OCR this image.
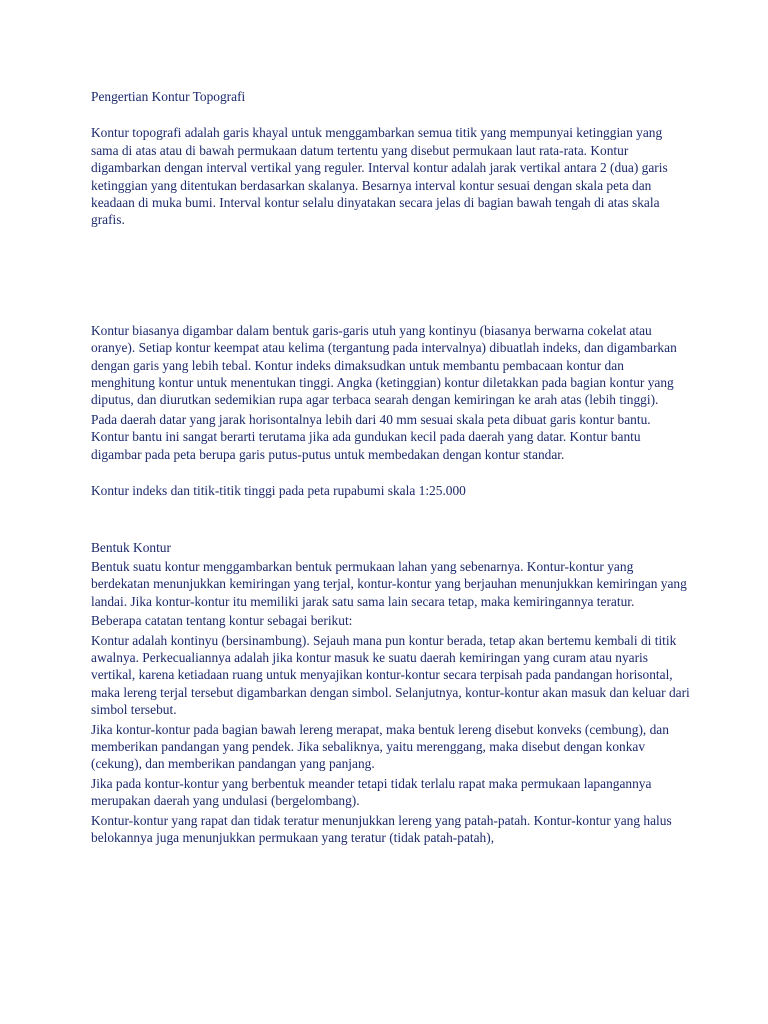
Pengertian Kontur Topografi

Kontur topografi adalah garis khayal untuk menggambarkan semua titik yang mempunyai ketinggian yang sama di atas atau di bawah permukaan datum tertentu yang disebut permukaan laut rata-rata. Kontur digambarkan dengan interval vertikal yang reguler. Interval kontur adalah jarak vertikal antara 2 (dua) garis ketinggian yang ditentukan berdasarkan skalanya. Besarnya interval kontur sesuai dengan skala peta dan keadaan di muka bumi. Interval kontur selalu dinyatakan secara jelas di bagian bawah tengah di atas skala grafis.

Kontur biasanya digambar dalam bentuk garis-garis utuh yang kontinyu (biasanya berwarna cokelat atau oranye). Setiap kontur keempat atau kelima (tergantung pada intervalnya) dibuatlah indeks, dan digambarkan dengan garis yang lebih tebal. Kontur indeks dimaksudkan untuk membantu pembacaan kontur dan menghitung kontur untuk menentukan tinggi. Angka (ketinggian) kontur diletakkan pada bagian kontur yang diputus, dan diurutkan sedemikian rupa agar terbaca searah dengan kemiringan ke arah atas (lebih tinggi).

Pada daerah datar yang jarak horisontalnya lebih dari 40 mm sesuai skala peta dibuat garis kontur bantu. Kontur bantu ini sangat berarti terutama jika ada gundukan kecil pada daerah yang datar. Kontur bantu digambar pada peta berupa garis putus-putus untuk membedakan dengan kontur standar.

Kontur indeks dan titik-titik tinggi pada peta rupabumi skala 1:25.000

Bentuk Kontur

Bentuk suatu kontur menggambarkan bentuk permukaan lahan yang sebenarnya. Kontur-kontur yang berdekatan menunjukkan kemiringan yang terjal, kontur-kontur yang berjauhan menunjukkan kemiringan yang landai. Jika kontur-kontur itu memiliki jarak satu sama lain secara tetap, maka kemiringannya teratur.

Beberapa catatan tentang kontur sebagai berikut:

Kontur adalah kontinyu (bersinambung). Sejauh mana pun kontur berada, tetap akan bertemu kembali di titik awalnya. Perkecualiannya adalah jika kontur masuk ke suatu daerah kemiringan yang curam atau nyaris vertikal, karena ketiadaan ruang untuk menyajikan kontur-kontur secara terpisah pada pandangan horisontal, maka lereng terjal tersebut digambarkan dengan simbol. Selanjutnya, kontur-kontur akan masuk dan keluar dari simbol tersebut.

Jika kontur-kontur pada bagian bawah lereng merapat, maka bentuk lereng disebut konveks (cembung), dan memberikan pandangan yang pendek. Jika sebaliknya, yaitu merenggang, maka disebut dengan konkav (cekung), dan memberikan pandangan yang panjang.

Jika pada kontur-kontur yang berbentuk meander tetapi tidak terlalu rapat maka permukaan lapangannya merupakan daerah yang undulasi (bergelombang).

Kontur-kontur yang rapat dan tidak teratur menunjukkan lereng yang patah-patah. Kontur-kontur yang halus belokannya juga menunjukkan permukaan yang teratur (tidak patah-patah),
